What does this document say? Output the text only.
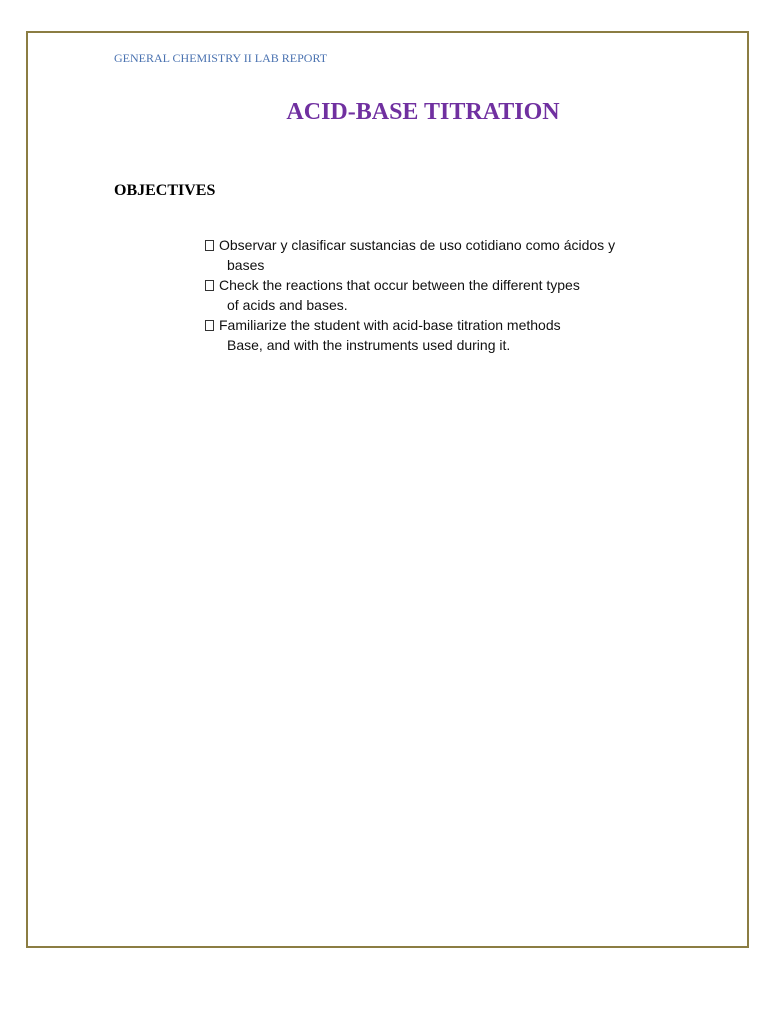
GENERAL CHEMISTRY II LAB REPORT
ACID-BASE TITRATION
OBJECTIVES
Observar y clasificar sustancias de uso cotidiano como ácidos y
bases
Check the reactions that occur between the different types
of acids and bases.
Familiarize the student with acid-base titration methods
Base, and with the instruments used during it.
